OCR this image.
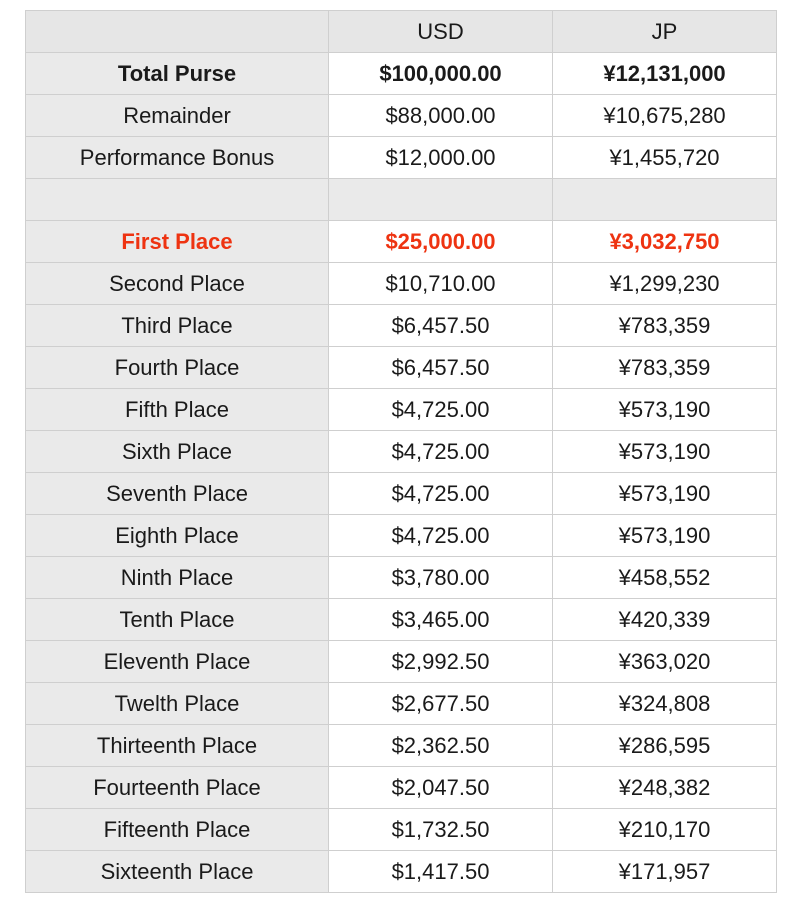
	USD	JP
Total Purse	$100,000.00	¥12,131,000
Remainder	$88,000.00	¥10,675,280
Performance Bonus	$12,000.00	¥1,455,720

First Place	$25,000.00	¥3,032,750
Second Place	$10,710.00	¥1,299,230
Third Place	$6,457.50	¥783,359
Fourth Place	$6,457.50	¥783,359
Fifth Place	$4,725.00	¥573,190
Sixth Place	$4,725.00	¥573,190
Seventh Place	$4,725.00	¥573,190
Eighth Place	$4,725.00	¥573,190
Ninth Place	$3,780.00	¥458,552
Tenth Place	$3,465.00	¥420,339
Eleventh Place	$2,992.50	¥363,020
Twelth Place	$2,677.50	¥324,808
Thirteenth Place	$2,362.50	¥286,595
Fourteenth Place	$2,047.50	¥248,382
Fifteenth Place	$1,732.50	¥210,170
Sixteenth Place	$1,417.50	¥171,957
